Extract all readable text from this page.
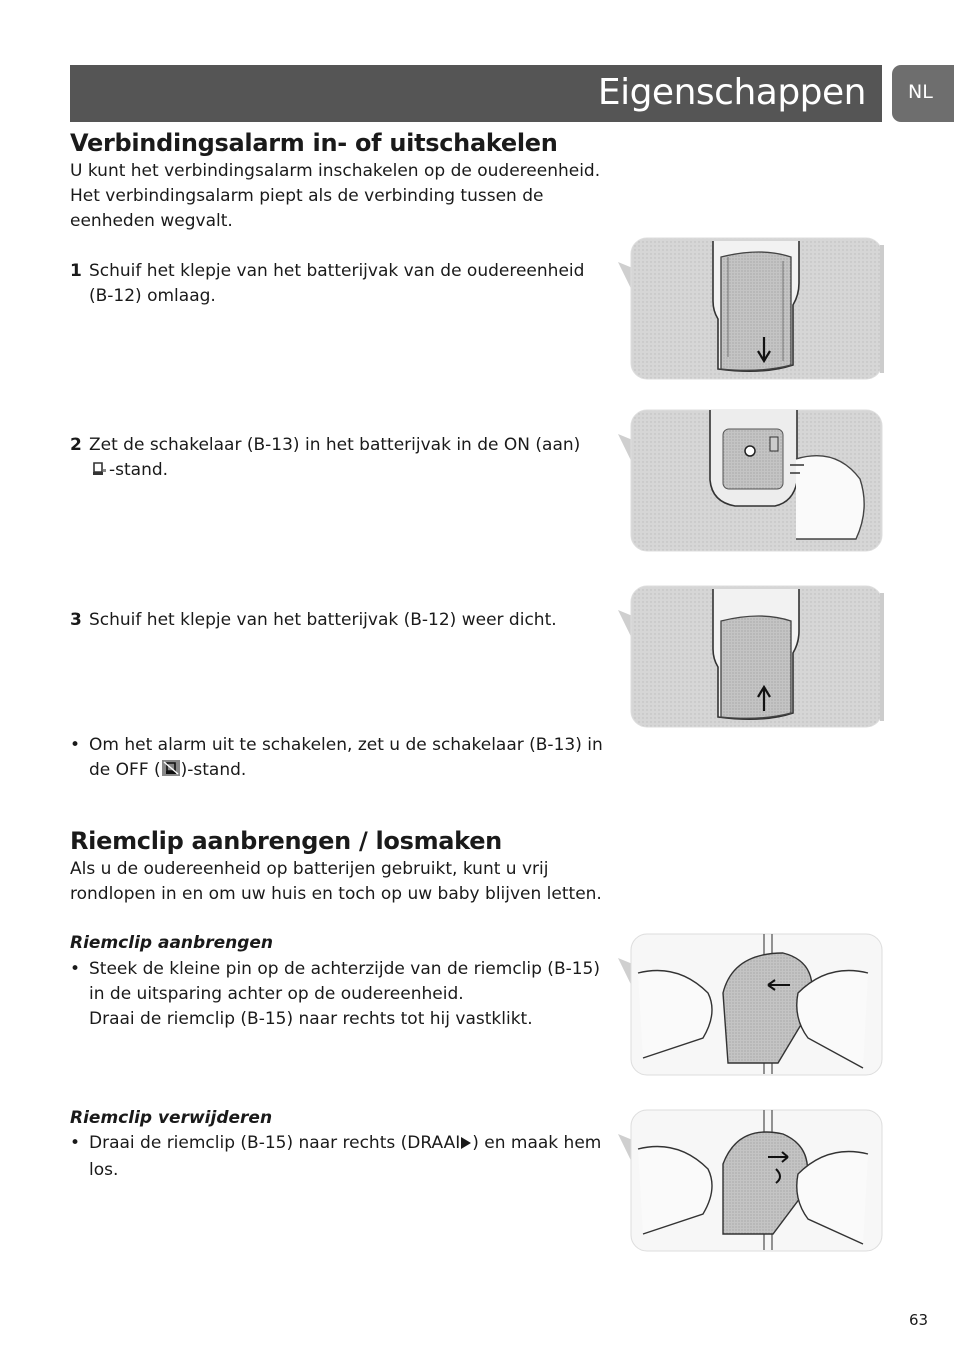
Eigenschappen NL
Verbindingsalarm in- of uitschakelen
U kunt het verbindingsalarm inschakelen op de oudereenheid.
Het verbindingsalarm piept als de verbinding tussen de
eenheden wegvalt.
1 Schuif het klepje van het batterijvak van de oudereenheid
(B-12) omlaag.
2 Zet de schakelaar (B-13) in het batterijvak in de ON (aan)
-stand.
3 Schuif het klepje van het batterijvak (B-12) weer dicht.
• Om het alarm uit te schakelen, zet u de schakelaar (B-13) in
de OFF ( )-stand.
Riemclip aanbrengen / losmaken
Als u de oudereenheid op batterijen gebruikt, kunt u vrij
rondlopen in en om uw huis en toch op uw baby blijven letten.
Riemclip aanbrengen
• Steek de kleine pin op de achterzijde van de riemclip (B-15)
in de uitsparing achter op de oudereenheid.
Draai de riemclip (B-15) naar rechts tot hij vastklikt.
Riemclip verwijderen
• Draai de riemclip (B-15) naar rechts (DRAAI ) en maak hem
los.
63
